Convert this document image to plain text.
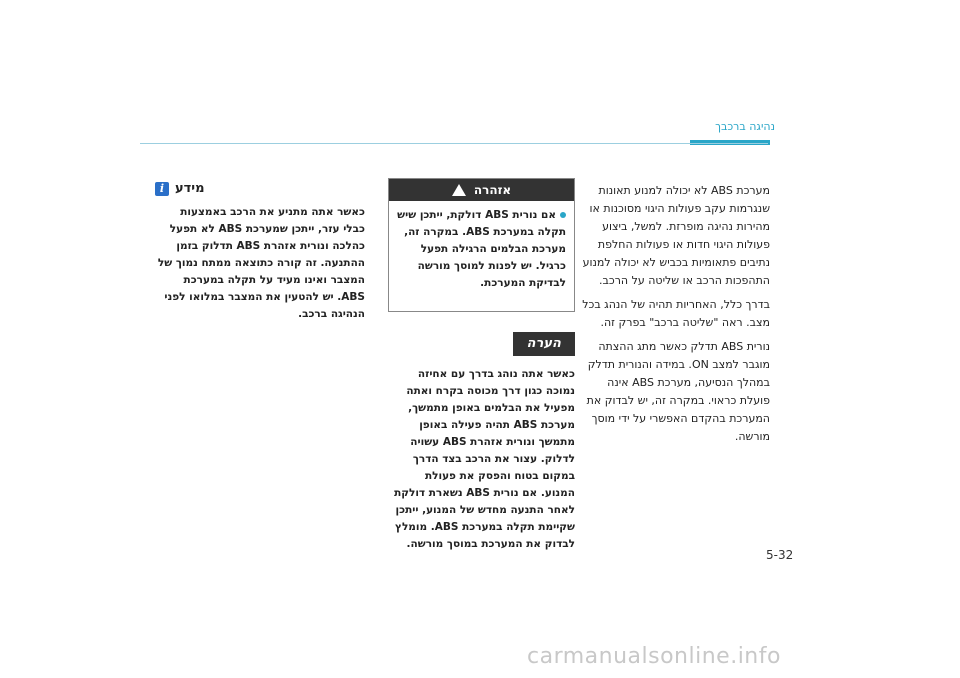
נהיגה ברכבך

מערכת ABS לא יכולה למנוע תאונות שנגרמות עקב פעולות היגוי מסוכנות או מהירות נהיגה מופרזת. למשל, ביצוע פעולות היגוי חדות או פעולות החלפת נתיבים פתאומיות בכביש לא יכולה למנוע התהפכות הרכב או שליטה על הרכב.

בדרך כלל, האחריות תהיה של הנהג בכל מצב. ראה "שליטה ברכב" בפרק זה.

נורית ABS תדלק כאשר מתג ההצתה מוגבר למצב ON. במידה והנורית תדלק במהלך הנסיעה, מערכת ABS אינה פועלת כראוי. במקרה זה, יש לבדוק את המערכת בהקדם האפשרי על ידי מוסך מורשה.

אזהרה
אם נורית ABS דולקת, ייתכן שיש תקלה במערכת ABS. במקרה זה, מערכת הבלמים הרגילה תפעל כרגיל. יש לפנות למוסך מורשה לבדיקת המערכת.
הערה
כאשר אתה נוהג בדרך עם אחיזה נמוכה כגון דרך מכוסה בקרח ואתה מפעיל את הבלמים באופן מתמשך, מערכת ABS תהיה פעילה באופן מתמשך ונורית אזהרת ABS עשויה לדלוק. עצור את הרכב בצד הדרך במקום בטוח והפסק את פעולת המנוע. אם נורית ABS נשארת דולקת לאחר התנעה מחדש של המנוע, ייתכן שקיימת תקלה במערכת ABS. מומלץ לבדוק את המערכת במוסך מורשה.
i מידע
כאשר אתה מתניע את הרכב באמצעות כבלי עזר, ייתכן שמערכת ABS לא תפעל כהלכה ונורית אזהרת ABS תדלוק בזמן ההתנעה. זה קורה כתוצאה ממתח נמוך של המצבר ואינו מעיד על תקלה במערכת ABS. יש להטעין את המצבר במלואו לפני הנהיגה ברכב.
5-32
carmanualsonline.info
